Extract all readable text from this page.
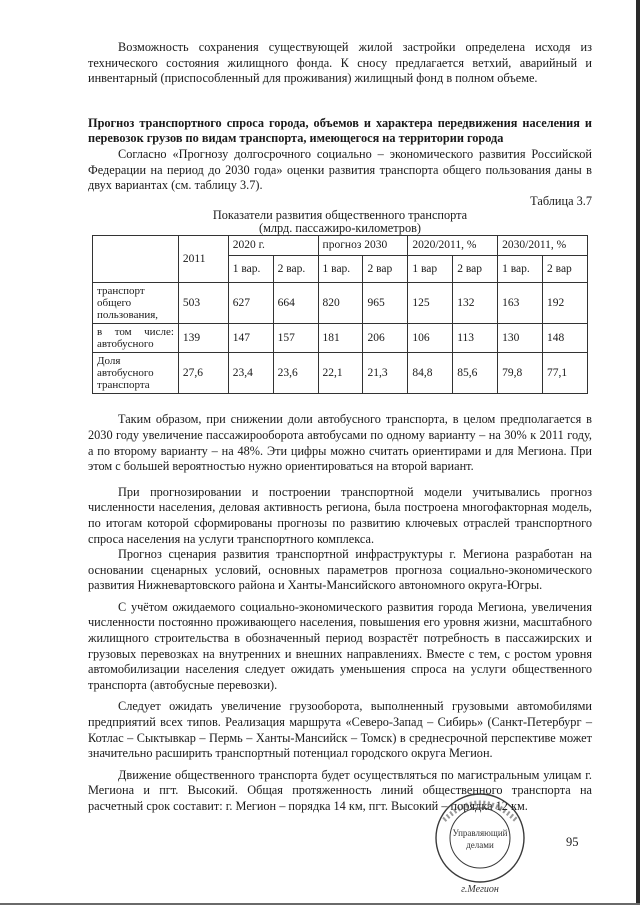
Возможность сохранения существующей жилой застройки определена исходя из технического состояния жилищного фонда. К сносу предлагается ветхий, аварийный и инвентарный (приспособленный для проживания) жилищный фонд в полном объеме.

Прогноз транспортного спроса города, объемов и характера передвижения населения и перевозок грузов по видам транспорта, имеющегося на территории города

Согласно «Прогнозу долгосрочного социально – экономического развития Российской Федерации на период до 2030 года» оценки развития транспорта общего пользования даны в двух вариантах (см. таблицу 3.7).

Таблица 3.7

Показатели развития общественного транспорта

(млрд. пассажиро-километров)

	2011	2020 г.		прогноз 2030		2020/2011, %		2030/2011, %	
		1 вар.	2 вар.	1 вар.	2 вар	1 вар	2 вар	1 вар.	2 вар
транспорт общего пользования,	503	627	664	820	965	125	132	163	192
в том числе: автобусного	139	147	157	181	206	106	113	130	148
Доля автобусного транспорта	27,6	23,4	23,6	22,1	21,3	84,8	85,6	79,8	77,1

Таким образом, при снижении доли автобусного транспорта, в целом предполагается в 2030 году увеличение пассажирооборота автобусами по одному варианту – на 30% к 2011 году, а по второму варианту – на 48%. Эти цифры можно считать ориентирами и для Мегиона. При этом с большей вероятностью нужно ориентироваться на второй вариант.

При прогнозировании и построении транспортной модели учитывались прогноз численности населения, деловая активность региона, была построена многофакторная модель, по итогам которой сформированы прогнозы по развитию ключевых отраслей транспортного спроса населения на услуги транспортного комплекса.

Прогноз сценария развития транспортной инфраструктуры г. Мегиона разработан на основании сценарных условий, основных параметров прогноза социально-экономического развития Нижневартовского района и Ханты-Мансийского автономного округа-Югры.

С учётом ожидаемого социально-экономического развития города Мегиона, увеличения численности постоянно проживающего населения, повышения его уровня жизни, масштабного жилищного строительства в обозначенный период возрастёт потребность в пассажирских и грузовых перевозках на внутренних и внешних направлениях. Вместе с тем, с ростом уровня автомобилизации населения следует ожидать уменьшения спроса на услуги общественного транспорта (автобусные перевозки).

Следует ожидать увеличение грузооборота, выполненный грузовыми автомобилями предприятий всех типов. Реализация маршрута «Северо-Запад – Сибирь» (Санкт-Петербург – Котлас – Сыктывкар – Пермь – Ханты-Мансийск – Томск) в среднесрочной перспективе может значительно расширить транспортный потенциал городского округа Мегион.

Движение общественного транспорта будет осуществляться по магистральным улицам г. Мегиона и пгт. Высокий. Общая протяженность линий общественного транспорта на расчетный срок составит: г. Мегион – порядка 14 км, пгт. Высокий – порядка 12 км.

Управляющий
делами
г.Мегион
95
